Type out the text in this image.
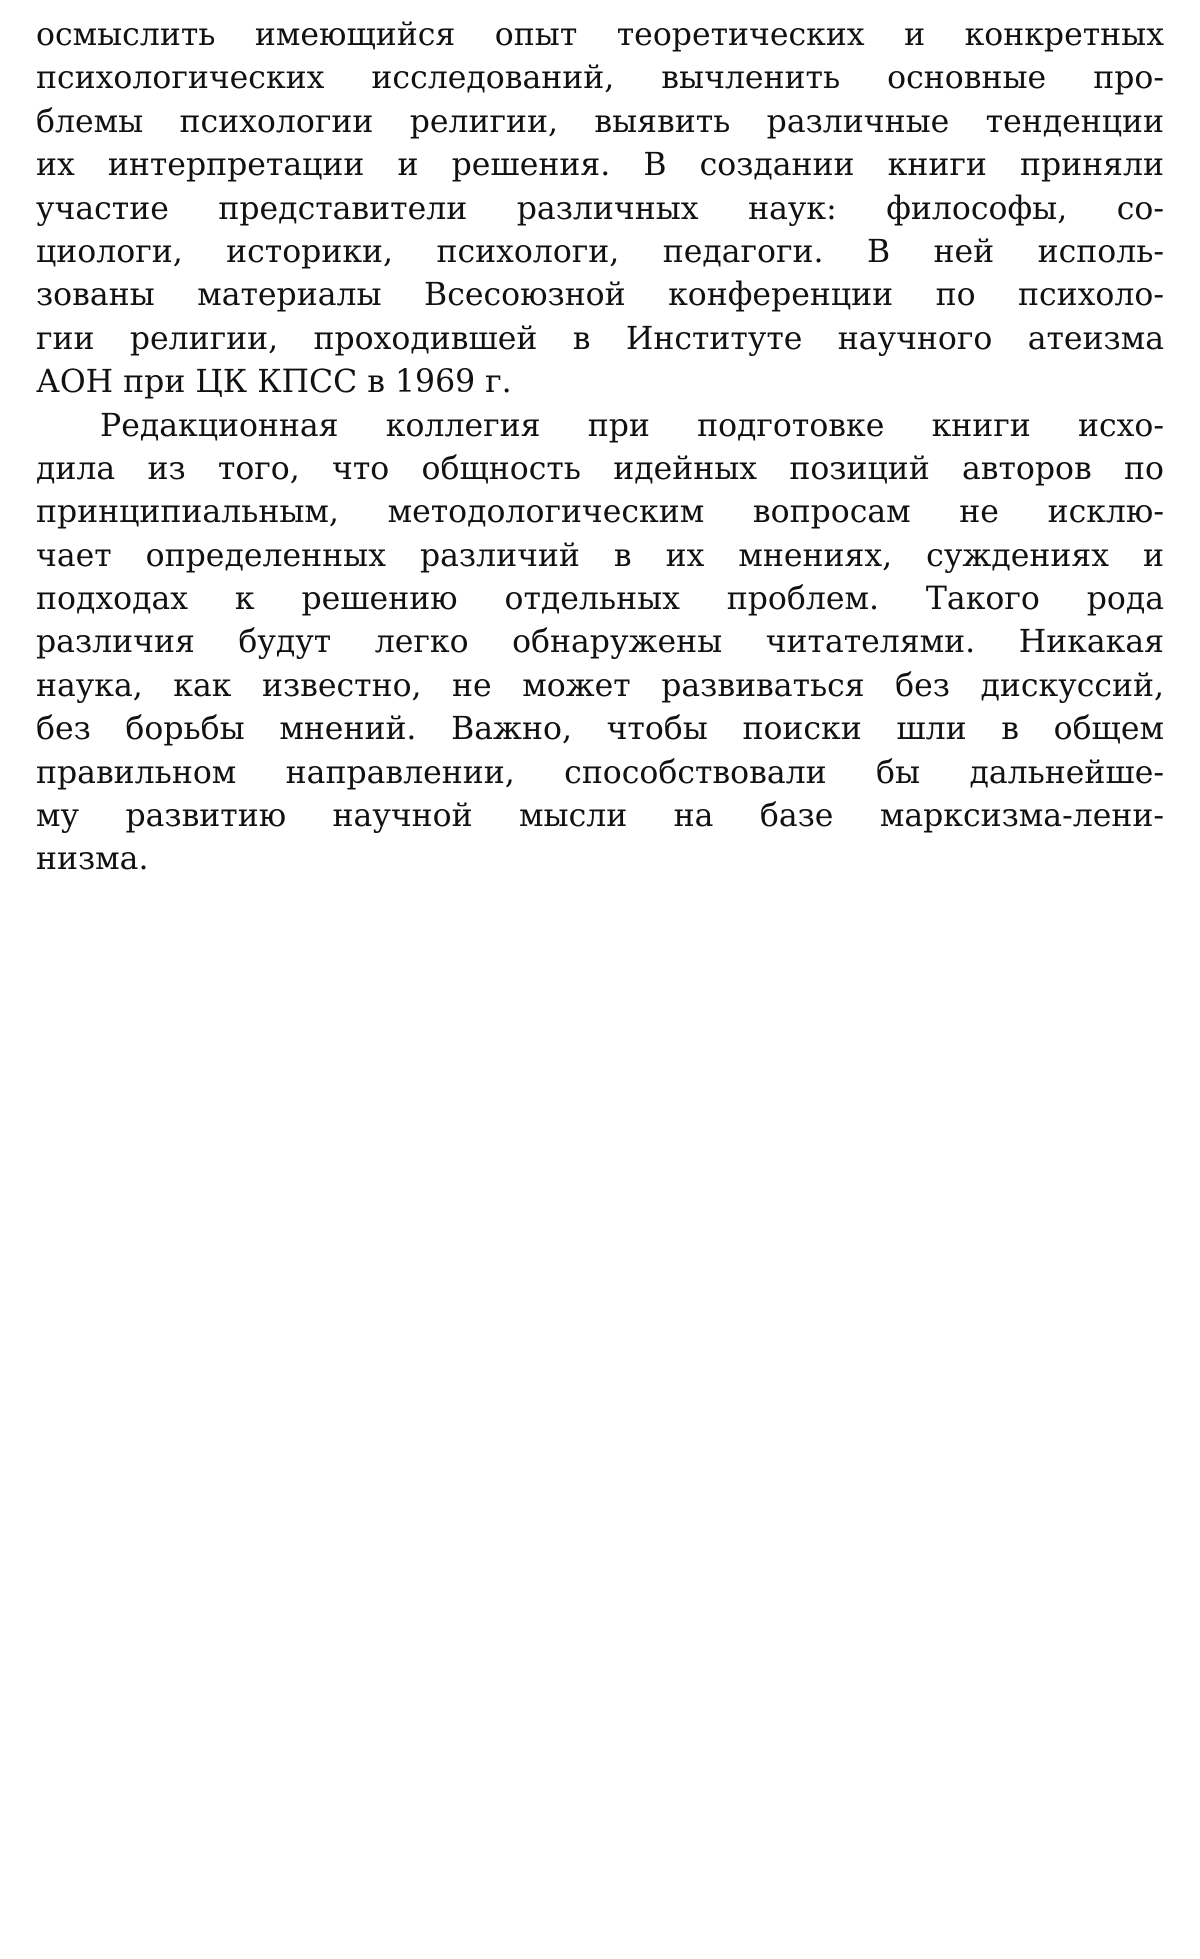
осмыслить имеющийся опыт теоретических и конкретных
психологических исследований, вычленить основные про-
блемы психологии религии, выявить различные тенденции
их интерпретации и решения. В создании книги приняли
участие представители различных наук: философы, со-
циологи, историки, психологи, педагоги. В ней исполь-
зованы материалы Всесоюзной конференции по психоло-
гии религии, проходившей в Институте научного атеизма
АОН при ЦК КПСС в 1969 г.
Редакционная коллегия при подготовке книги исхо-
дила из того, что общность идейных позиций авторов по
принципиальным, методологическим вопросам не исклю-
чает определенных различий в их мнениях, суждениях и
подходах к решению отдельных проблем. Такого рода
различия будут легко обнаружены читателями. Никакая
наука, как известно, не может развиваться без дискуссий,
без борьбы мнений. Важно, чтобы поиски шли в общем
правильном направлении, способствовали бы дальнейше-
му развитию научной мысли на базе марксизма-лени-
низма.
